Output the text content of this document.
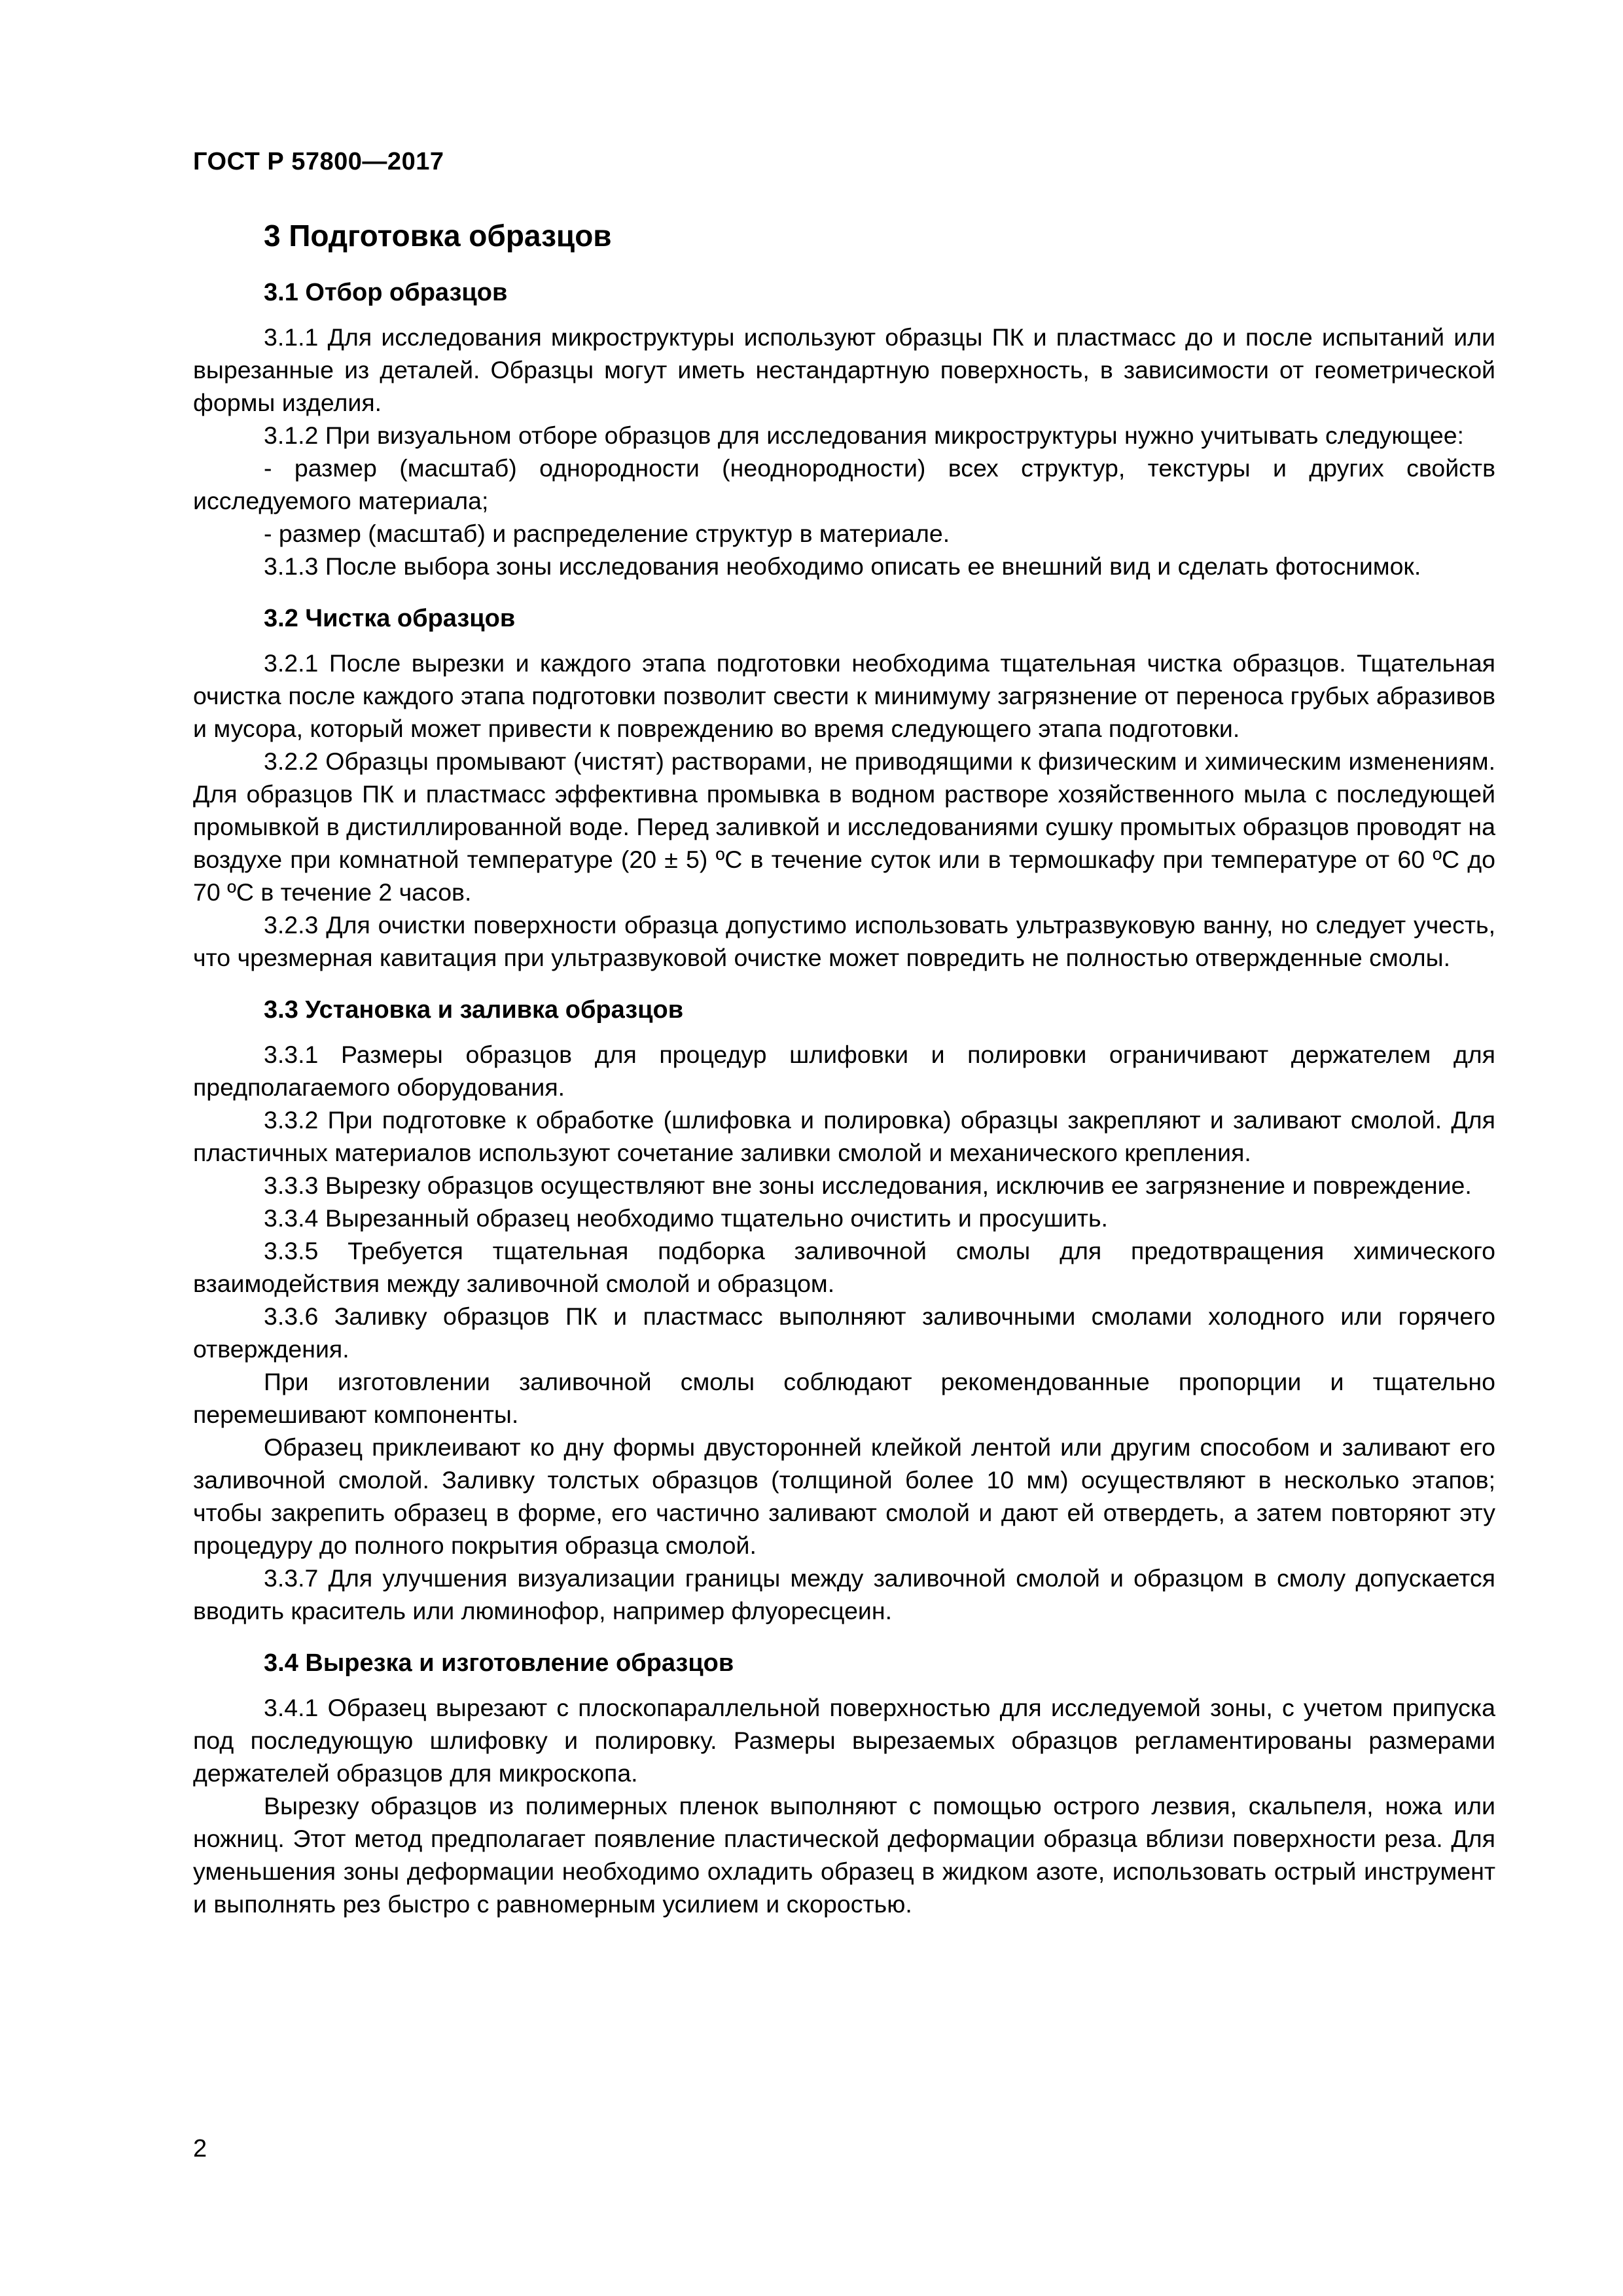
ГОСТ Р 57800—2017
3 Подготовка образцов
3.1 Отбор образцов

3.1.1 Для исследования микроструктуры используют образцы ПК и пластмасс до и после испытаний или вырезанные из деталей. Образцы могут иметь нестандартную поверхность, в зависимости от геометрической формы изделия.

3.1.2 При визуальном отборе образцов для исследования микроструктуры нужно учитывать следующее:

- размер (масштаб) однородности (неоднородности) всех структур, текстуры и других свойств исследуемого материала;

- размер (масштаб) и распределение структур в материале.

3.1.3 После выбора зоны исследования необходимо описать ее внешний вид и сделать фотоснимок.

3.2 Чистка образцов

3.2.1 После вырезки и каждого этапа подготовки необходима тщательная чистка образцов. Тщательная очистка после каждого этапа подготовки позволит свести к минимуму загрязнение от переноса грубых абразивов и мусора, который может привести к повреждению во время следующего этапа подготовки.

3.2.2 Образцы промывают (чистят) растворами, не приводящими к физическим и химическим изменениям. Для образцов ПК и пластмасс эффективна промывка в водном растворе хозяйственного мыла с последующей промывкой в дистиллированной воде. Перед заливкой и исследованиями сушку промытых образцов проводят на воздухе при комнатной температуре (20 ± 5) ºС в течение суток или в термошкафу при температуре от 60 ºС до 70 ºС в течение 2 часов.

3.2.3 Для очистки поверхности образца допустимо использовать ультразвуковую ванну, но следует учесть, что чрезмерная кавитация при ультразвуковой очистке может повредить не полностью отвержденные смолы.

3.3 Установка и заливка образцов

3.3.1 Размеры образцов для процедур шлифовки и полировки ограничивают держателем для предполагаемого оборудования.

3.3.2 При подготовке к обработке (шлифовка и полировка) образцы закрепляют и заливают смолой. Для пластичных материалов используют сочетание заливки смолой и механического крепления.

3.3.3 Вырезку образцов осуществляют вне зоны исследования, исключив ее загрязнение и повреждение.

3.3.4 Вырезанный образец необходимо тщательно очистить и просушить.

3.3.5 Требуется тщательная подборка заливочной смолы для предотвращения химического взаимодействия между заливочной смолой и образцом.

3.3.6 Заливку образцов ПК и пластмасс выполняют заливочными смолами холодного или горячего отверждения.

При изготовлении заливочной смолы соблюдают рекомендованные пропорции и тщательно перемешивают компоненты.

Образец приклеивают ко дну формы двусторонней клейкой лентой или другим способом и заливают его заливочной смолой. Заливку толстых образцов (толщиной более 10 мм) осуществляют в несколько этапов; чтобы закрепить образец в форме, его частично заливают смолой и дают ей отвердеть, а затем повторяют эту процедуру до полного покрытия образца смолой.

3.3.7 Для улучшения визуализации границы между заливочной смолой и образцом в смолу допускается вводить краситель или люминофор, например флуоресцеин.

3.4 Вырезка и изготовление образцов

3.4.1 Образец вырезают с плоскопараллельной поверхностью для исследуемой зоны, с учетом припуска под последующую шлифовку и полировку. Размеры вырезаемых образцов регламентированы размерами держателей образцов для микроскопа.

Вырезку образцов из полимерных пленок выполняют с помощью острого лезвия, скальпеля, ножа или ножниц. Этот метод предполагает появление пластической деформации образца вблизи поверхности реза. Для уменьшения зоны деформации необходимо охладить образец в жидком азоте, использовать острый инструмент и выполнять рез быстро с равномерным усилием и скоростью.

2
